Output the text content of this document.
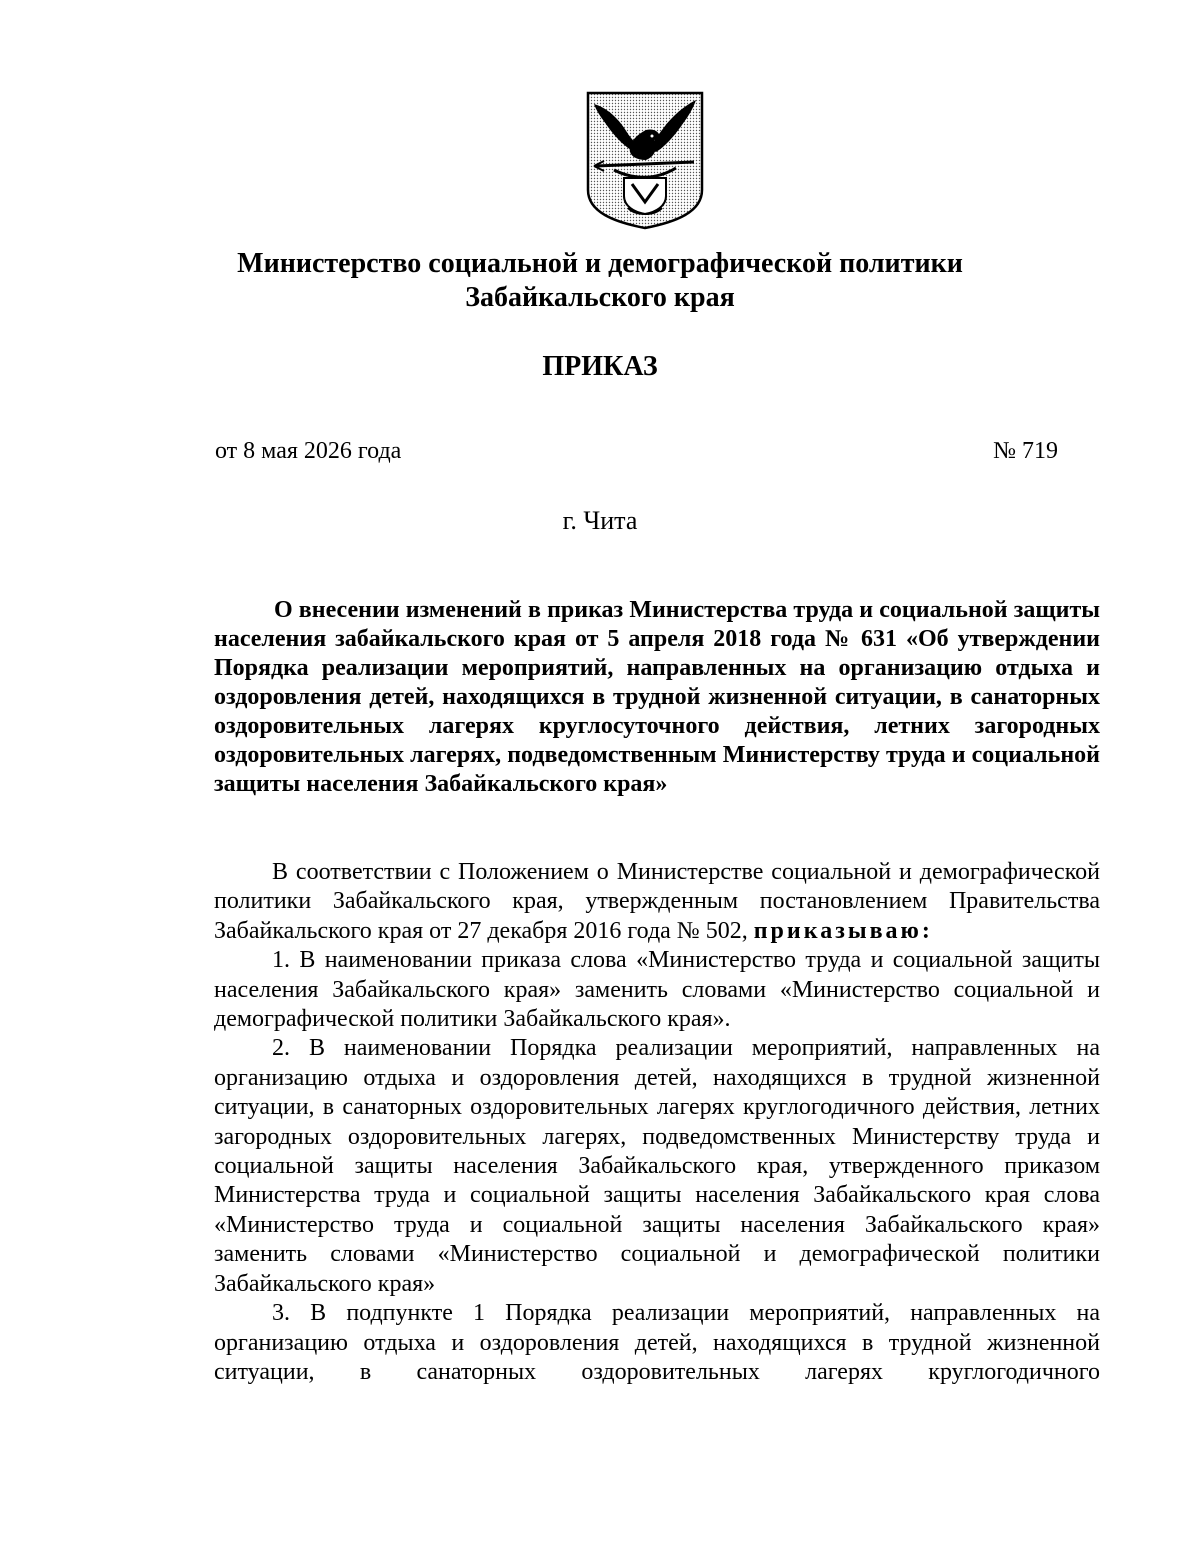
Министерство социальной и демографической политики
Забайкальского края
ПРИКАЗ
от 8 мая 2026 года	№ 719
г. Чита
О внесении изменений в приказ Министерства труда и социальной защиты населения забайкальского края от 5 апреля 2018 года № 631 «Об утверждении Порядка реализации мероприятий, направленных на организацию отдыха и оздоровления детей, находящихся в трудной жизненной ситуации, в санаторных оздоровительных лагерях круглосуточного действия, летних загородных оздоровительных лагерях, подведомственным Министерству труда и социальной защиты населения Забайкальского края»

В соответствии с Положением о Министерстве социальной и демографической политики Забайкальского края, утвержденным постановлением Правительства Забайкальского края от 27 декабря 2016 года № 502, приказываю:

1. В наименовании приказа слова «Министерство труда и социальной защиты населения Забайкальского края» заменить словами «Министерство социальной и демографической политики Забайкальского края».

2. В наименовании Порядка реализации мероприятий, направленных на организацию отдыха и оздоровления детей, находящихся в трудной жизненной ситуации, в санаторных оздоровительных лагерях круглогодичного действия, летних загородных оздоровительных лагерях, подведомственных Министерству труда и социальной защиты населения Забайкальского края, утвержденного приказом Министерства труда и социальной защиты населения Забайкальского края слова «Министерство труда и социальной защиты населения Забайкальского края» заменить словами «Министерство социальной и демографической политики Забайкальского края»

3. В подпункте 1 Порядка реализации мероприятий, направленных на организацию отдыха и оздоровления детей, находящихся в трудной жизненной ситуации, в санаторных оздоровительных лагерях круглогодичного
